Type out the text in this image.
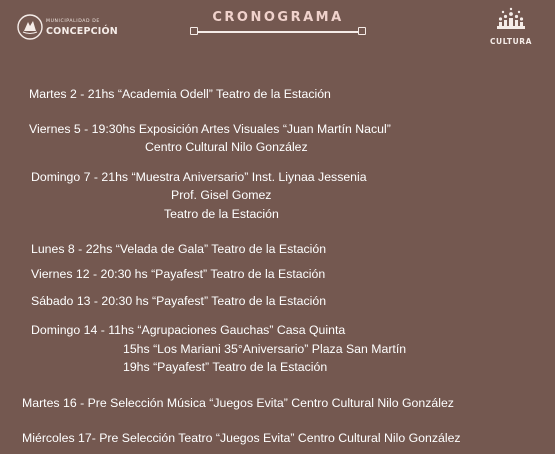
MUNICIPALIDAD DE
CONCEPCIÓN
CRONOGRAMA
CULTURA
Martes 2 - 21hs “Academia Odell” Teatro de la Estación
Viernes 5 - 19:30hs Exposición Artes Visuales “Juan Martín Nacul”
Centro Cultural Nilo González
Domingo 7 - 21hs “Muestra Aniversario” Inst. Liynaa Jessenia
Prof. Gisel Gomez
Teatro de la Estación
Lunes 8 - 22hs “Velada de Gala” Teatro de la Estación
Viernes 12 - 20:30 hs “Payafest” Teatro de la Estación
Sábado 13 - 20:30 hs “Payafest” Teatro de la Estación
Domingo 14 - 11hs “Agrupaciones Gauchas” Casa Quinta
15hs “Los Mariani 35°Aniversario” Plaza San Martín
19hs “Payafest” Teatro de la Estación
Martes 16 - Pre Selección Música “Juegos Evita” Centro Cultural Nilo González
Miércoles 17- Pre Selección Teatro “Juegos Evita” Centro Cultural Nilo González
